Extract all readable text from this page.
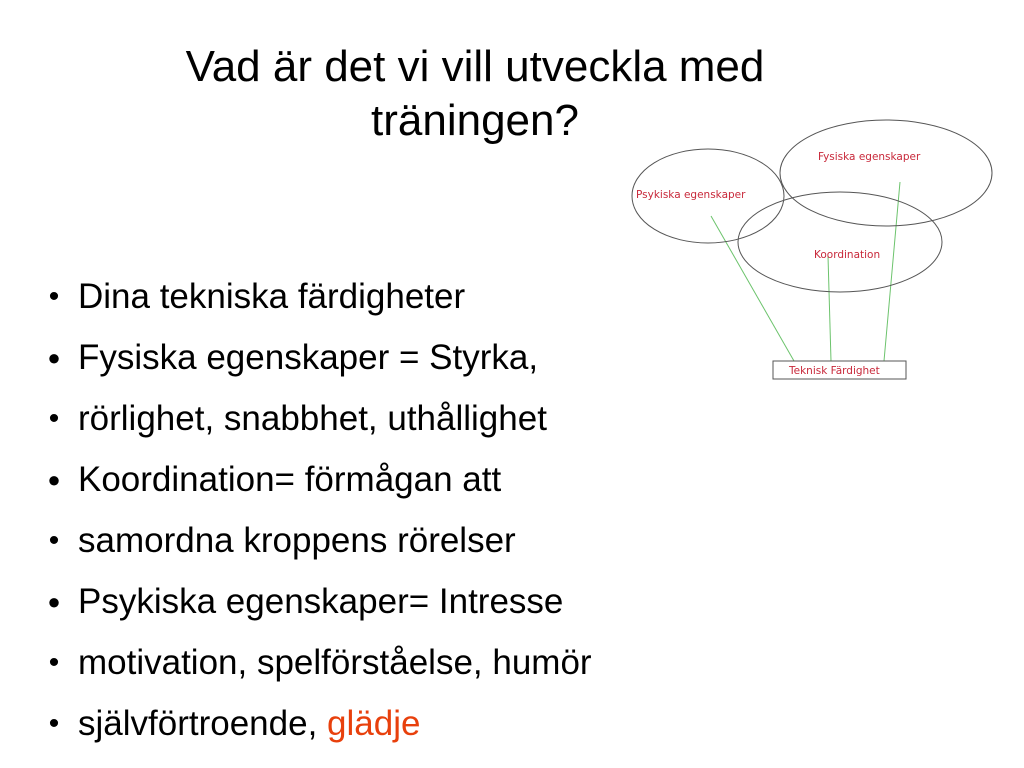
Vad är det vi vill utveckla med
träningen?
• Dina tekniska färdigheter
● Fysiska egenskaper = Styrka,
• rörlighet, snabbhet, uthållighet
● Koordination= förmågan att
• samordna kroppens rörelser
● Psykiska egenskaper= Intresse
• motivation, spelförståelse, humör
• självförtroende, glädje
Fysiska egenskaper
Psykiska egenskaper
Koordination
Teknisk Färdighet
